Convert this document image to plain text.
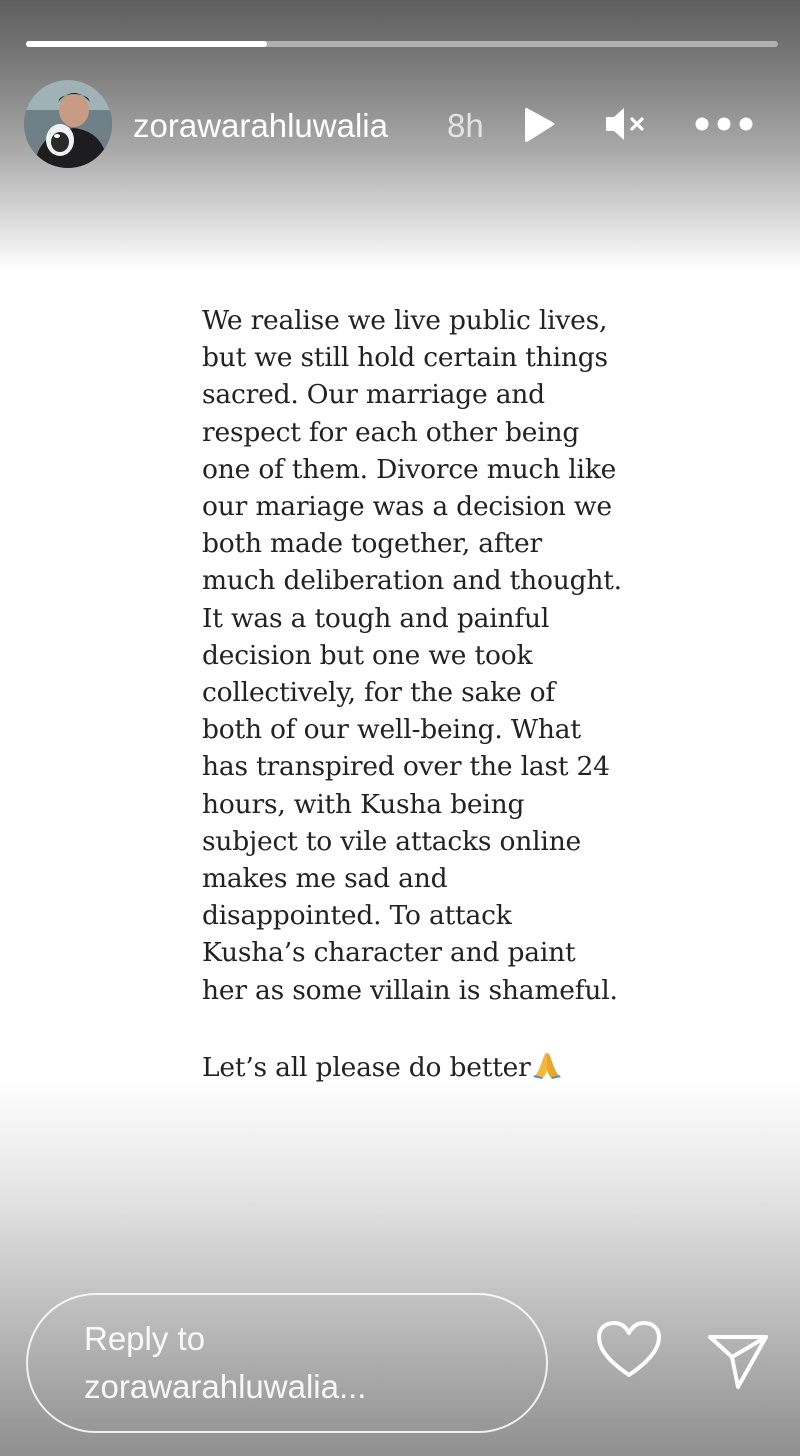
zorawarahluwalia 8h

We realise we live public lives, but we still hold certain things sacred. Our marriage and respect for each other being one of them. Divorce much like our mariage was a decision we both made together, after much deliberation and thought. It was a tough and painful decision but one we took collectively, for the sake of both of our well-being. What has transpired over the last 24 hours, with Kusha being subject to vile attacks online makes me sad and disappointed. To attack Kusha’s character and paint her as some villain is shameful.

Let’s all please do better

Reply to
zorawarahluwalia...
